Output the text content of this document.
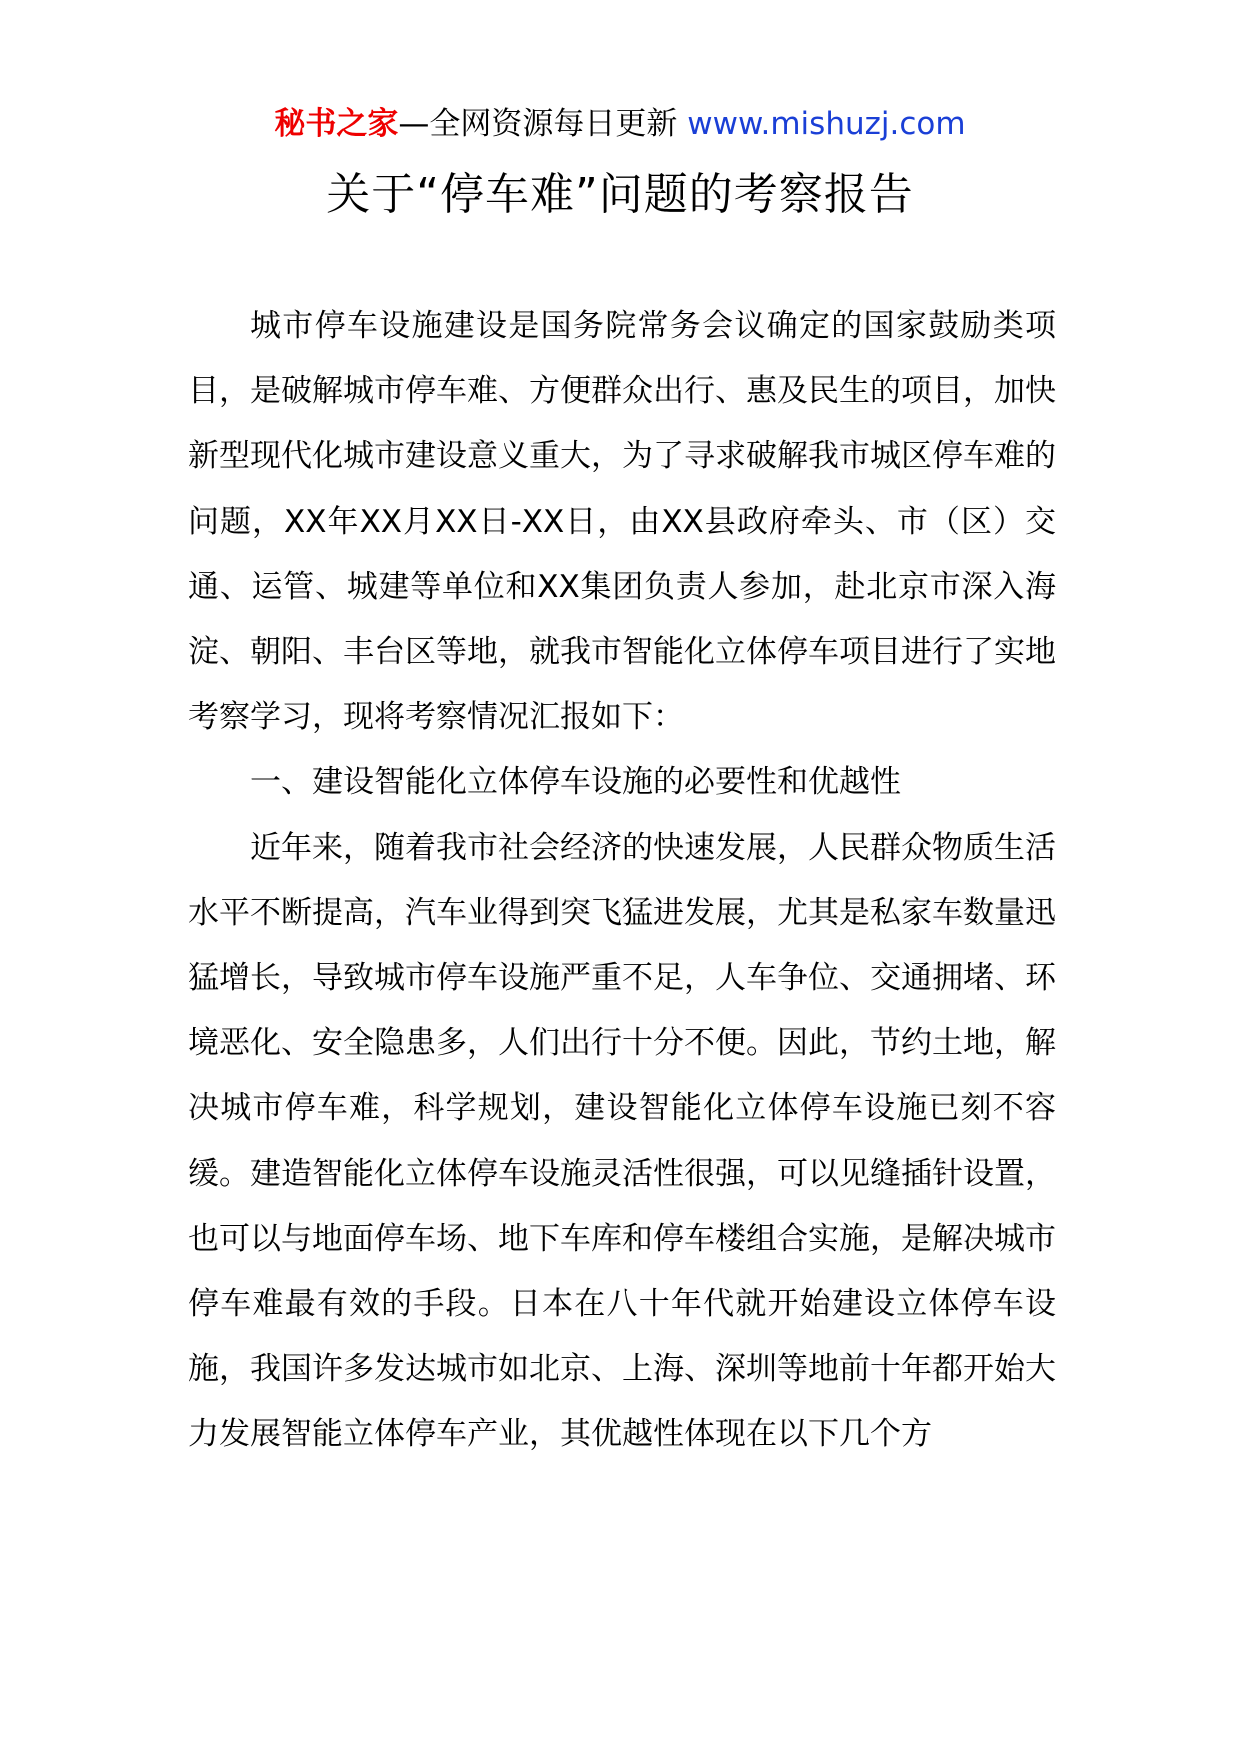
秘书之家—全网资源每日更新 www.mishuzj.com
关于“停车难”问题的考察报告

城市停车设施建设是国务院常务会议确定的国家鼓励类项目，是破解城市停车难、方便群众出行、惠及民生的项目，加快新型现代化城市建设意义重大，为了寻求破解我市城区停车难的问题，XX年XX月XX日-XX日，由XX县政府牵头、市（区）交通、运管、城建等单位和XX集团负责人参加，赴北京市深入海淀、朝阳、丰台区等地，就我市智能化立体停车项目进行了实地考察学习，现将考察情况汇报如下：

一、建设智能化立体停车设施的必要性和优越性

近年来，随着我市社会经济的快速发展，人民群众物质生活水平不断提高，汽车业得到突飞猛进发展，尤其是私家车数量迅猛增长，导致城市停车设施严重不足，人车争位、交通拥堵、环境恶化、安全隐患多，人们出行十分不便。因此，节约土地，解决城市停车难，科学规划，建设智能化立体停车设施已刻不容缓。建造智能化立体停车设施灵活性很强，可以见缝插针设置，也可以与地面停车场、地下车库和停车楼组合实施，是解决城市停车难最有效的手段。日本在八十年代就开始建设立体停车设施，我国许多发达城市如北京、上海、深圳等地前十年都开始大力发展智能立体停车产业，其优越性体现在以下几个方
